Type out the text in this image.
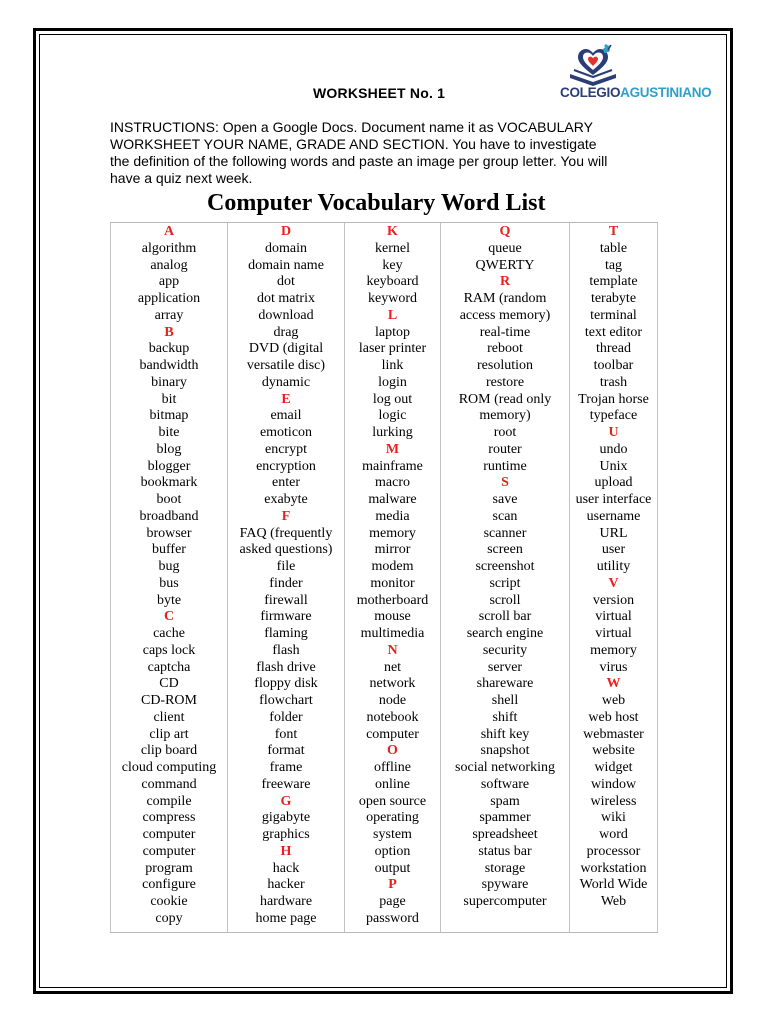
WORKSHEET No. 1	COLEGIOAGUSTINIANO

INSTRUCTIONS: Open a Google Docs. Document name it as VOCABULARY

WORKSHEET YOUR NAME, GRADE AND SECTION. You have to investigate

the definition of the following words and paste an image per group letter. You will

have a quiz next week.

Computer Vocabulary Word List
A
algorithm
analog
app
application
array
B
backup
bandwidth
binary
bit
bitmap
bite
blog
blogger
bookmark
boot
broadband
browser
buffer
bug
bus
byte
C
cache
caps lock
captcha
CD
CD-ROM
client
clip art
clip board
cloud computing
command
compile
compress
computer
computer
program
configure
cookie
copy
D
domain
domain name
dot
dot matrix
download
drag
DVD (digital
versatile disc)
dynamic
E
email
emoticon
encrypt
encryption
enter
exabyte
F
FAQ (frequently
asked questions)
file
finder
firewall
firmware
flaming
flash
flash drive
floppy disk
flowchart
folder
font
format
frame
freeware
G
gigabyte
graphics
H
hack
hacker
hardware
home page
K
kernel
key
keyboard
keyword
L
laptop
laser printer
link
login
log out
logic
lurking
M
mainframe
macro
malware
media
memory
mirror
modem
monitor
motherboard
mouse
multimedia
N
net
network
node
notebook
computer
O
offline
online
open source
operating
system
option
output
P
page
password
Q
queue
QWERTY
R
RAM (random
access memory)
real-time
reboot
resolution
restore
ROM (read only
memory)
root
router
runtime
S
save
scan
scanner
screen
screenshot
script
scroll
scroll bar
search engine
security
server
shareware
shell
shift
shift key
snapshot
social networking
software
spam
spammer
spreadsheet
status bar
storage
spyware
supercomputer
T
table
tag
template
terabyte
terminal
text editor
thread
toolbar
trash
Trojan horse
typeface
U
undo
Unix
upload
user interface
username
URL
user
utility
V
version
virtual
virtual
memory
virus
W
web
web host
webmaster
website
widget
window
wireless
wiki
word
processor
workstation
World Wide
Web
